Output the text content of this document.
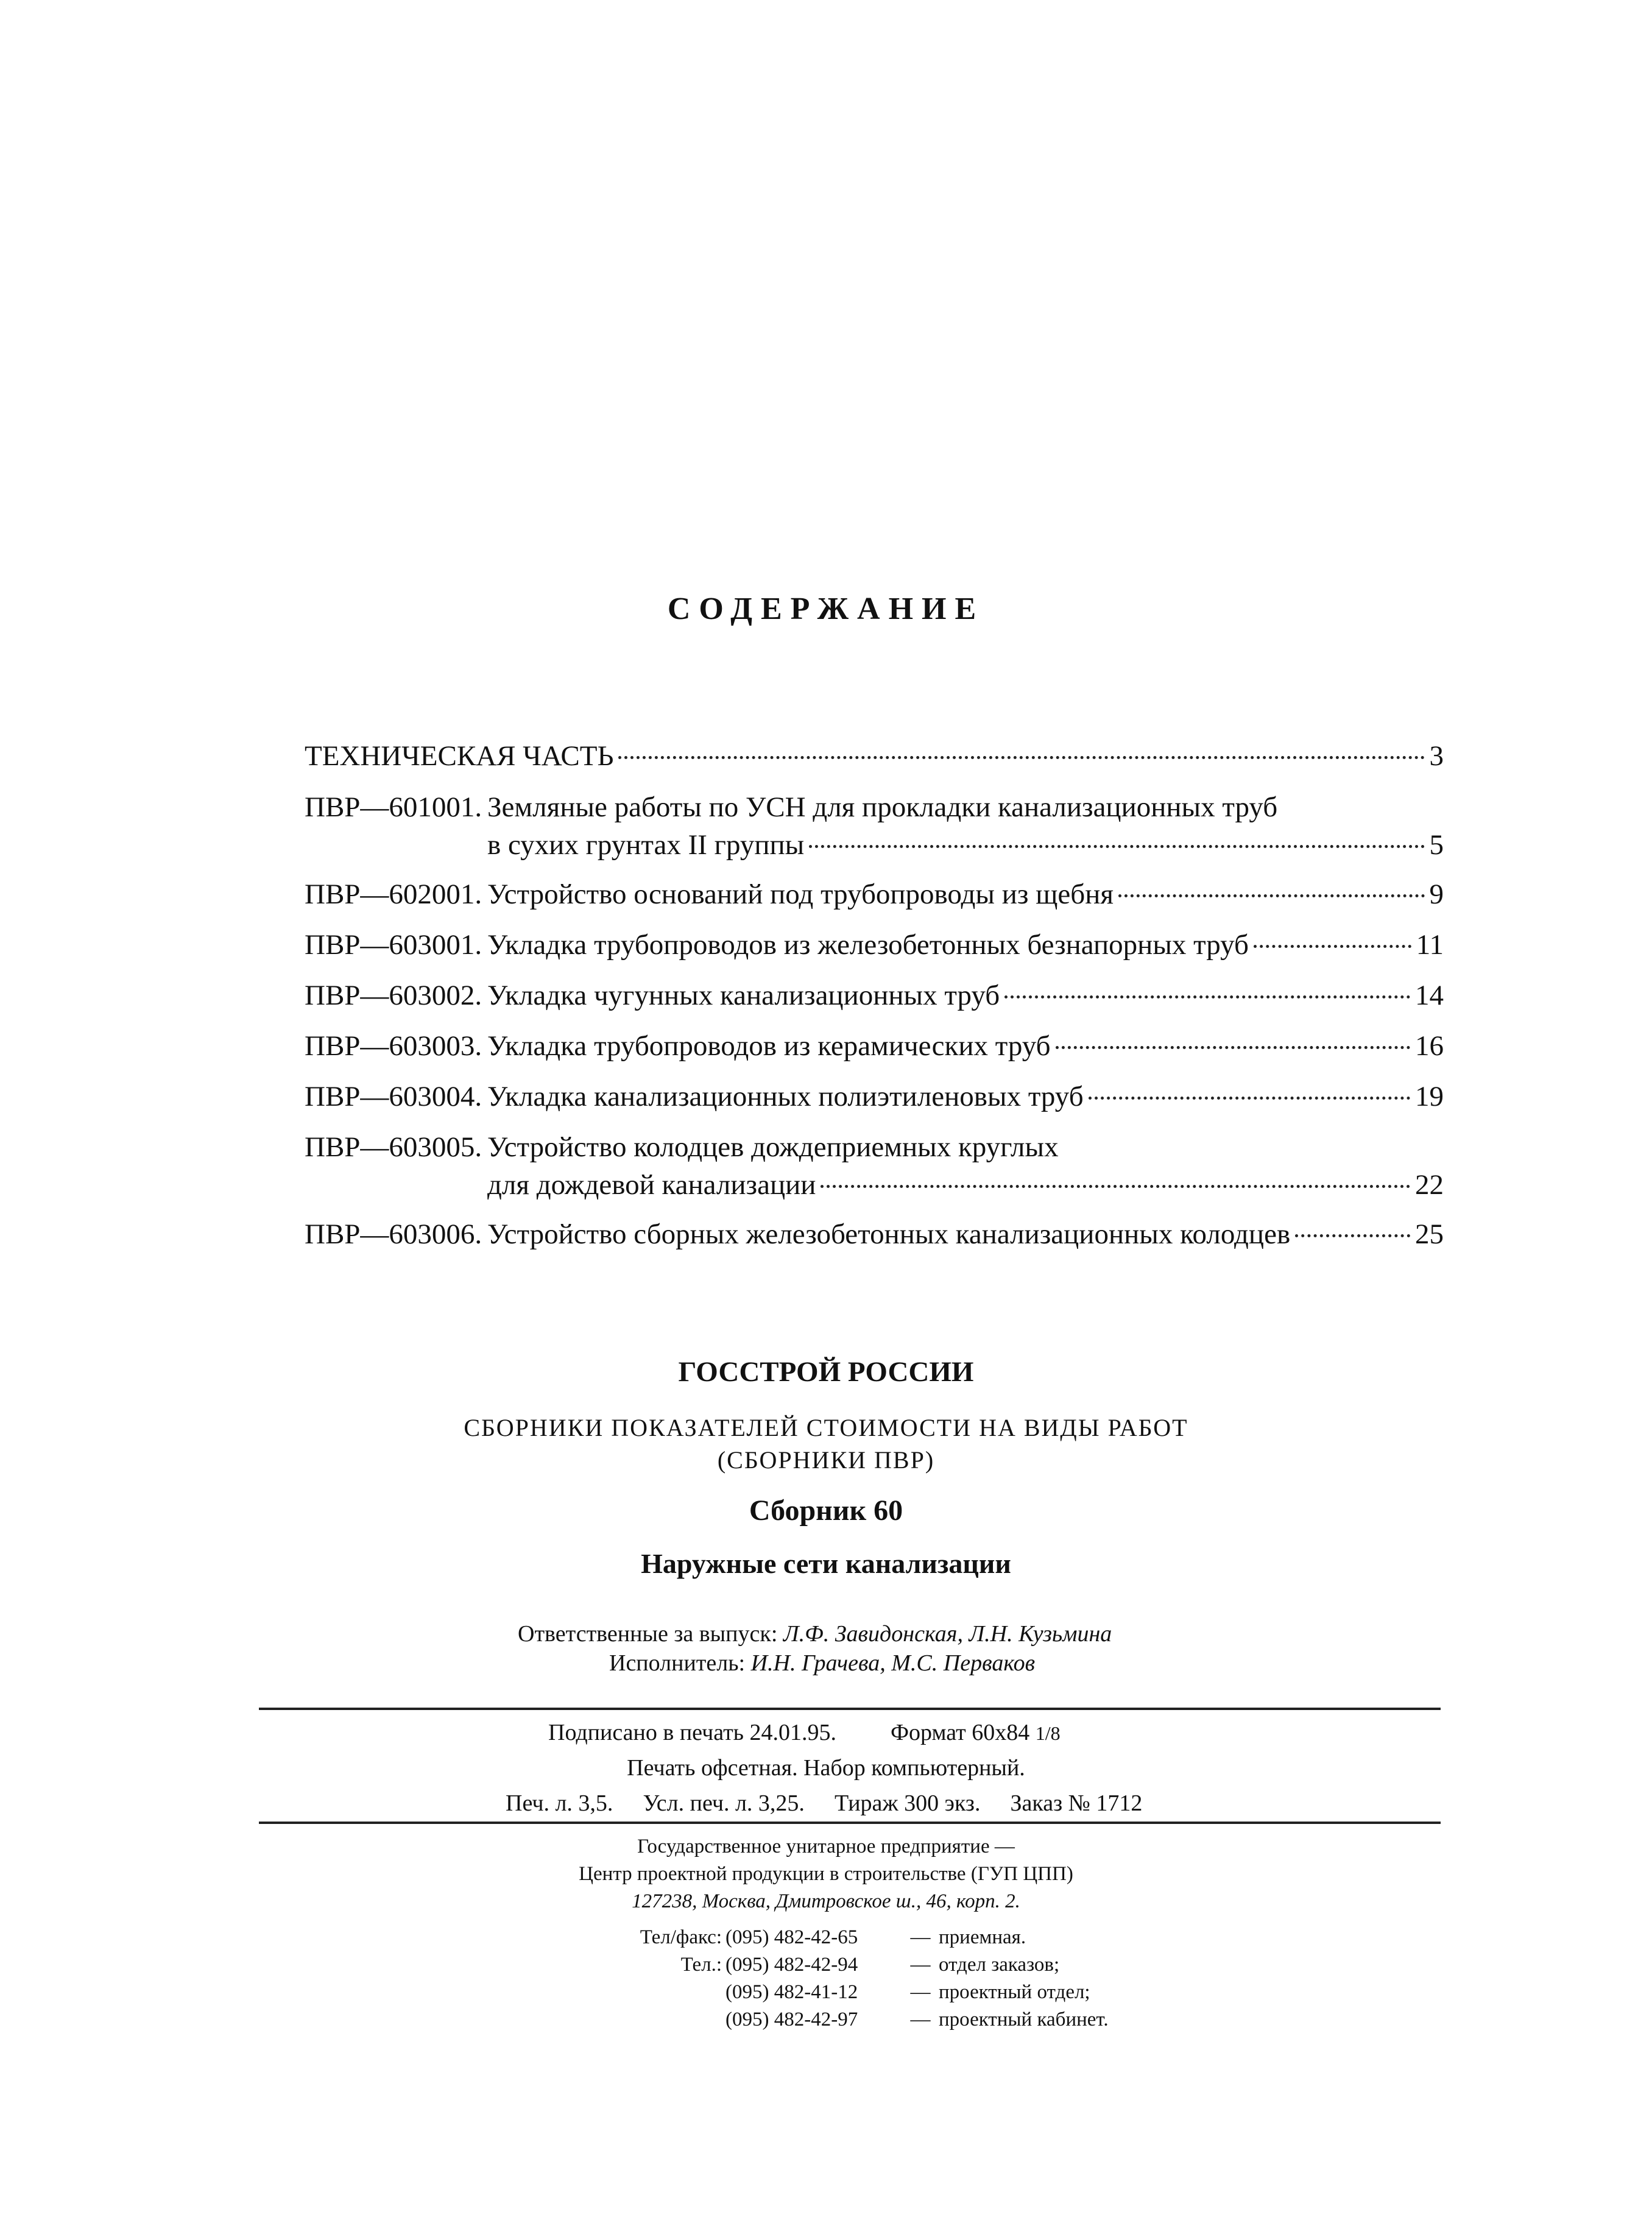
СОДЕРЖАНИЕ
ТЕХНИЧЕСКАЯ ЧАСТЬ	3
ПВР—601001. Земляные работы по УСН для прокладки канализационных труб
в сухих грунтах II группы	5
ПВР—602001. Устройство оснований под трубопроводы из щебня	9
ПВР—603001. Укладка трубопроводов из железобетонных безнапорных труб	11
ПВР—603002. Укладка чугунных канализационных труб	14
ПВР—603003. Укладка трубопроводов из керамических труб	16
ПВР—603004. Укладка канализационных полиэтиленовых труб	19
ПВР—603005. Устройство колодцев дождеприемных круглых
для дождевой канализации	22
ПВР—603006. Устройство сборных железобетонных канализационных колодцев	25
ГОССТРОЙ РОССИИ
СБОРНИКИ ПОКАЗАТЕЛЕЙ СТОИМОСТИ НА ВИДЫ РАБОТ
(СБОРНИКИ ПВР)
Сборник 60
Наружные сети канализации
Ответственные за выпуск: Л.Ф. Завидонская, Л.Н. Кузьмина
Исполнитель: И.Н. Грачева, М.С. Перваков
Подписано в печать 24.01.95. Формат 60х84 1/8
Печать офсетная. Набор компьютерный.
Печ. л. 3,5. Усл. печ. л. 3,25. Тираж 300 экз. Заказ № 1712
Государственное унитарное предприятие —
Центр проектной продукции в строительстве (ГУП ЦПП)
127238, Москва, Дмитровское ш., 46, корп. 2.
Тел/факс: (095) 482-42-65	— приемная.
Тел.: (095) 482-42-94	— отдел заказов;
(095) 482-41-12	— проектный отдел;
(095) 482-42-97	— проектный кабинет.
